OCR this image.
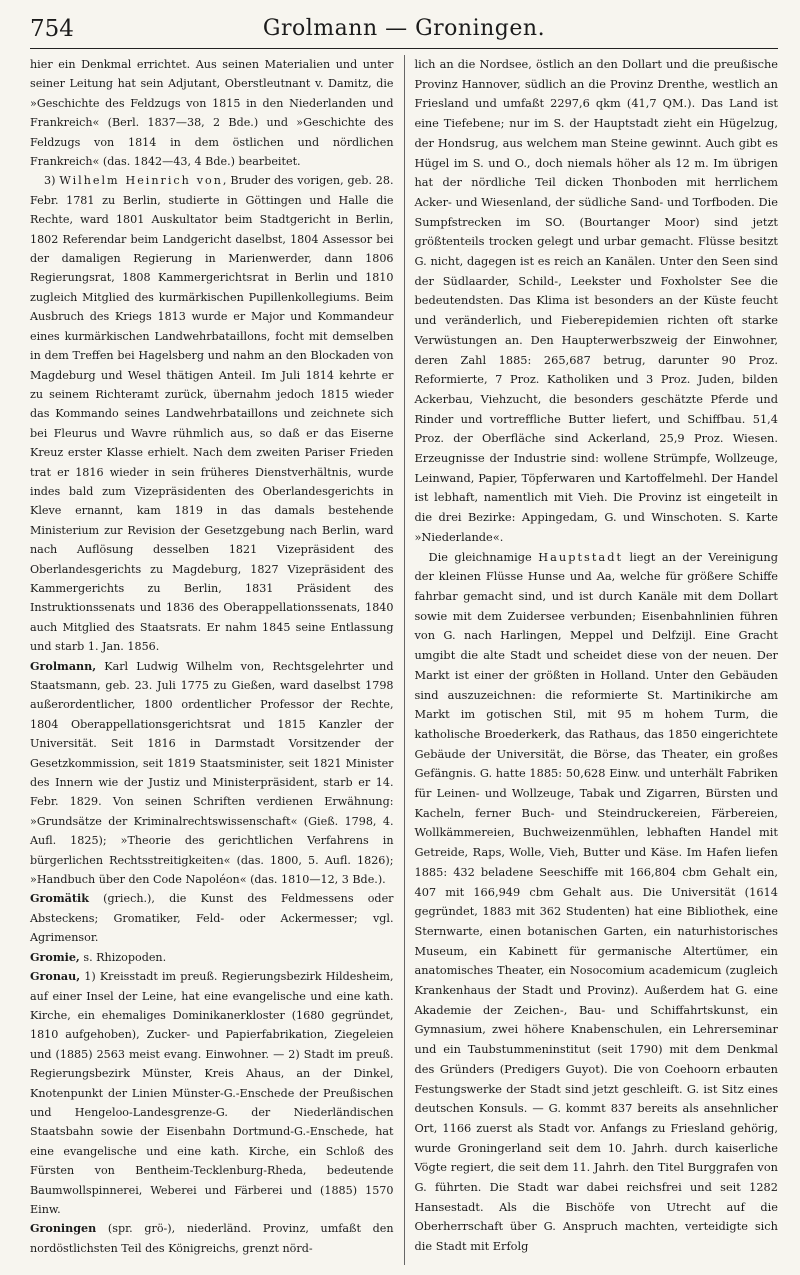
754	Grolmann — Groningen.

hier ein Denkmal errichtet. Aus seinen Materialien und unter seiner Leitung hat sein Adjutant, Oberstleutnant v. Damitz, die »Geschichte des Feldzugs von 1815 in den Niederlanden und Frankreich« (Berl. 1837—38, 2 Bde.) und »Geschichte des Feldzugs von 1814 in dem östlichen und nördlichen Frankreich« (das. 1842—43, 4 Bde.) bearbeitet.

3) Wilhelm Heinrich von, Bruder des vorigen, geb. 28. Febr. 1781 zu Berlin, studierte in Göttingen und Halle die Rechte, ward 1801 Auskultator beim Stadtgericht in Berlin, 1802 Referendar beim Landgericht daselbst, 1804 Assessor bei der damaligen Regierung in Marienwerder, dann 1806 Regierungsrat, 1808 Kammergerichtsrat in Berlin und 1810 zugleich Mitglied des kurmärkischen Pupillenkollegiums. Beim Ausbruch des Kriegs 1813 wurde er Major und Kommandeur eines kurmärkischen Landwehrbataillons, focht mit demselben in dem Treffen bei Hagelsberg und nahm an den Blockaden von Magdeburg und Wesel thätigen Anteil. Im Juli 1814 kehrte er zu seinem Richteramt zurück, übernahm jedoch 1815 wieder das Kommando seines Landwehrbataillons und zeichnete sich bei Fleurus und Wavre rühmlich aus, so daß er das Eiserne Kreuz erster Klasse erhielt. Nach dem zweiten Pariser Frieden trat er 1816 wieder in sein früheres Dienstverhältnis, wurde indes bald zum Vizepräsidenten des Oberlandesgerichts in Kleve ernannt, kam 1819 in das damals bestehende Ministerium zur Revision der Gesetzgebung nach Berlin, ward nach Auflösung desselben 1821 Vizepräsident des Oberlandesgerichts zu Magdeburg, 1827 Vizepräsident des Kammergerichts zu Berlin, 1831 Präsident des Instruktionssenats und 1836 des Oberappellationssenats, 1840 auch Mitglied des Staatsrats. Er nahm 1845 seine Entlassung und starb 1. Jan. 1856.

Grolmann, Karl Ludwig Wilhelm von, Rechtsgelehrter und Staatsmann, geb. 23. Juli 1775 zu Gießen, ward daselbst 1798 außerordentlicher, 1800 ordentlicher Professor der Rechte, 1804 Oberappellationsgerichtsrat und 1815 Kanzler der Universität. Seit 1816 in Darmstadt Vorsitzender der Gesetzkommission, seit 1819 Staatsminister, seit 1821 Minister des Innern wie der Justiz und Ministerpräsident, starb er 14. Febr. 1829. Von seinen Schriften verdienen Erwähnung: »Grundsätze der Kriminalrechtswissenschaft« (Gieß. 1798, 4. Aufl. 1825); »Theorie des gerichtlichen Verfahrens in bürgerlichen Rechtsstreitigkeiten« (das. 1800, 5. Aufl. 1826); »Handbuch über den Code Napoléon« (das. 1810—12, 3 Bde.).

Gromätik (griech.), die Kunst des Feldmessens oder Absteckens; Gromatiker, Feld- oder Ackermesser; vgl. Agrimensor.

Gromie, s. Rhizopoden.

Gronau, 1) Kreisstadt im preuß. Regierungsbezirk Hildesheim, auf einer Insel der Leine, hat eine evangelische und eine kath. Kirche, ein ehemaliges Dominikanerkloster (1680 gegründet, 1810 aufgehoben), Zucker- und Papierfabrikation, Ziegeleien und (1885) 2563 meist evang. Einwohner. — 2) Stadt im preuß. Regierungsbezirk Münster, Kreis Ahaus, an der Dinkel, Knotenpunkt der Linien Münster-G.-Enschede der Preußischen und Hengeloo-Landesgrenze-G. der Niederländischen Staatsbahn sowie der Eisenbahn Dortmund-G.-Enschede, hat eine evangelische und eine kath. Kirche, ein Schloß des Fürsten von Bentheim-Tecklenburg-Rheda, bedeutende Baumwollspinnerei, Weberei und Färberei und (1885) 1570 Einw.

Groningen (spr. grö-), niederländ. Provinz, umfaßt den nordöstlichsten Teil des Königreichs, grenzt nörd-

lich an die Nordsee, östlich an den Dollart und die preußische Provinz Hannover, südlich an die Provinz Drenthe, westlich an Friesland und umfaßt 2297,6 qkm (41,7 QM.). Das Land ist eine Tiefebene; nur im S. der Hauptstadt zieht ein Hügelzug, der Hondsrug, aus welchem man Steine gewinnt. Auch gibt es Hügel im S. und O., doch niemals höher als 12 m. Im übrigen hat der nördliche Teil dicken Thonboden mit herrlichem Acker- und Wiesenland, der südliche Sand- und Torfboden. Die Sumpfstrecken im SO. (Bourtanger Moor) sind jetzt größtenteils trocken gelegt und urbar gemacht. Flüsse besitzt G. nicht, dagegen ist es reich an Kanälen. Unter den Seen sind der Südlaarder, Schild-, Leekster und Foxholster See die bedeutendsten. Das Klima ist besonders an der Küste feucht und veränderlich, und Fieberepidemien richten oft starke Verwüstungen an. Den Haupterwerbszweig der Einwohner, deren Zahl 1885: 265,687 betrug, darunter 90 Proz. Reformierte, 7 Proz. Katholiken und 3 Proz. Juden, bilden Ackerbau, Viehzucht, die besonders geschätzte Pferde und Rinder und vortreffliche Butter liefert, und Schiffbau. 51,4 Proz. der Oberfläche sind Ackerland, 25,9 Proz. Wiesen. Erzeugnisse der Industrie sind: wollene Strümpfe, Wollzeuge, Leinwand, Papier, Töpferwaren und Kartoffelmehl. Der Handel ist lebhaft, namentlich mit Vieh. Die Provinz ist eingeteilt in die drei Bezirke: Appingedam, G. und Winschoten. S. Karte »Niederlande«.

Die gleichnamige Hauptstadt liegt an der Vereinigung der kleinen Flüsse Hunse und Aa, welche für größere Schiffe fahrbar gemacht sind, und ist durch Kanäle mit dem Dollart sowie mit dem Zuidersee verbunden; Eisenbahnlinien führen von G. nach Harlingen, Meppel und Delfzijl. Eine Gracht umgibt die alte Stadt und scheidet diese von der neuen. Der Markt ist einer der größten in Holland. Unter den Gebäuden sind auszuzeichnen: die reformierte St. Martinikirche am Markt im gotischen Stil, mit 95 m hohem Turm, die katholische Broederkerk, das Rathaus, das 1850 eingerichtete Gebäude der Universität, die Börse, das Theater, ein großes Gefängnis. G. hatte 1885: 50,628 Einw. und unterhält Fabriken für Leinen- und Wollzeuge, Tabak und Zigarren, Bürsten und Kacheln, ferner Buch- und Steindruckereien, Färbereien, Wollkämmereien, Buchweizenmühlen, lebhaften Handel mit Getreide, Raps, Wolle, Vieh, Butter und Käse. Im Hafen liefen 1885: 432 beladene Seeschiffe mit 166,804 cbm Gehalt ein, 407 mit 166,949 cbm Gehalt aus. Die Universität (1614 gegründet, 1883 mit 362 Studenten) hat eine Bibliothek, eine Sternwarte, einen botanischen Garten, ein naturhistorisches Museum, ein Kabinett für germanische Altertümer, ein anatomisches Theater, ein Nosocomium academicum (zugleich Krankenhaus der Stadt und Provinz). Außerdem hat G. eine Akademie der Zeichen-, Bau- und Schiffahrtskunst, ein Gymnasium, zwei höhere Knabenschulen, ein Lehrerseminar und ein Taubstummeninstitut (seit 1790) mit dem Denkmal des Gründers (Predigers Guyot). Die von Coehoorn erbauten Festungswerke der Stadt sind jetzt geschleift. G. ist Sitz eines deutschen Konsuls. — G. kommt 837 bereits als ansehnlicher Ort, 1166 zuerst als Stadt vor. Anfangs zu Friesland gehörig, wurde Groningerland seit dem 10. Jahrh. durch kaiserliche Vögte regiert, die seit dem 11. Jahrh. den Titel Burggrafen von G. führten. Die Stadt war dabei reichsfrei und seit 1282 Hansestadt. Als die Bischöfe von Utrecht auf die Oberherrschaft über G. Anspruch machten, verteidigte sich die Stadt mit Erfolg
